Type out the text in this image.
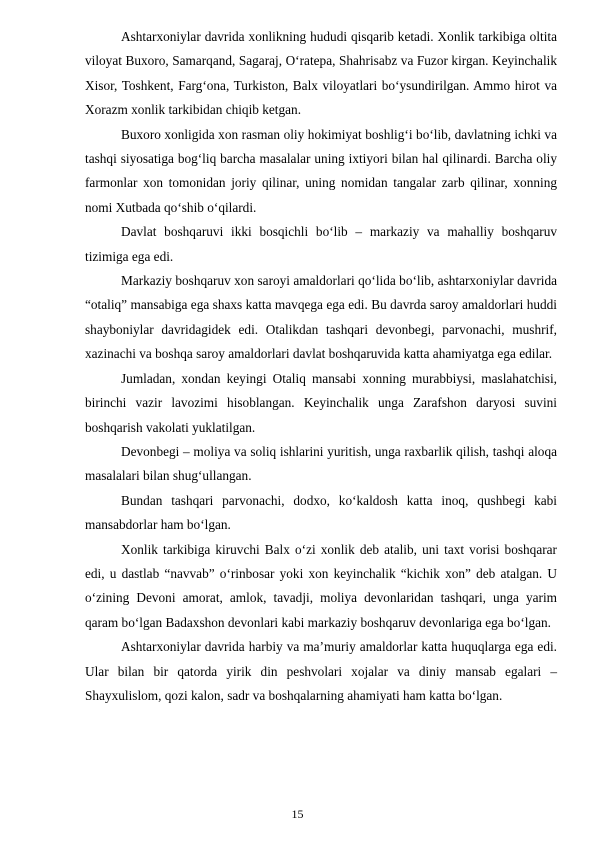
Ashtarxoniylar davrida xonlikning hududi qisqarib ketadi. Xonlik tarkibiga oltita viloyat Buxoro, Samarqand, Sagaraj, O‘ratepa, Shahrisabz va Fuzor kirgan. Keyinchalik Xisor, Toshkent, Farg‘ona, Turkiston, Balx viloyatlari bo‘ysundirilgan. Ammo hirot va Xorazm xonlik tarkibidan chiqib ketgan.

Buxoro xonligida xon rasman oliy hokimiyat boshlig‘i bo‘lib, davlatning ichki va tashqi siyosatiga bog‘liq barcha masalalar uning ixtiyori bilan hal qilinardi. Barcha oliy farmonlar xon tomonidan joriy qilinar, uning nomidan tangalar zarb qilinar, xonning nomi Xutbada qo‘shib o‘qilardi.

Davlat boshqaruvi ikki bosqichli bo‘lib – markaziy va mahalliy boshqaruv tizimiga ega edi.

Markaziy boshqaruv xon saroyi amaldorlari qo‘lida bo‘lib, ashtarxoniylar davrida “otaliq” mansabiga ega shaxs katta mavqega ega edi. Bu davrda saroy amaldorlari huddi shayboniylar davridagidek edi. Otalikdan tashqari devonbegi, parvonachi, mushrif, xazinachi va boshqa saroy amaldorlari davlat boshqaruvida katta ahamiyatga ega edilar.

Jumladan, xondan keyingi Otaliq mansabi xonning murabbiysi, maslahatchisi, birinchi vazir lavozimi hisoblangan. Keyinchalik unga Zarafshon daryosi suvini boshqarish vakolati yuklatilgan.

Devonbegi – moliya va soliq ishlarini yuritish, unga raxbarlik qilish, tashqi aloqa masalalari bilan shug‘ullangan.

Bundan tashqari parvonachi, dodxo, ko‘kaldosh katta inoq, qushbegi kabi mansabdorlar ham bo‘lgan.

Xonlik tarkibiga kiruvchi Balx o‘zi xonlik deb atalib, uni taxt vorisi boshqarar edi, u dastlab “navvab” o‘rinbosar yoki xon keyinchalik “kichik xon” deb atalgan. U o‘zining Devoni amorat, amlok, tavadji, moliya devonlaridan tashqari, unga yarim qaram bo‘lgan Badaxshon devonlari kabi markaziy boshqaruv devonlariga ega bo‘lgan.

Ashtarxoniylar davrida harbiy va ma’muriy amaldorlar katta huquqlarga ega edi. Ular bilan bir qatorda yirik din peshvolari xojalar va diniy mansab egalari – Shayxulislom, qozi kalon, sadr va boshqalarning ahamiyati ham katta bo‘lgan.

15
